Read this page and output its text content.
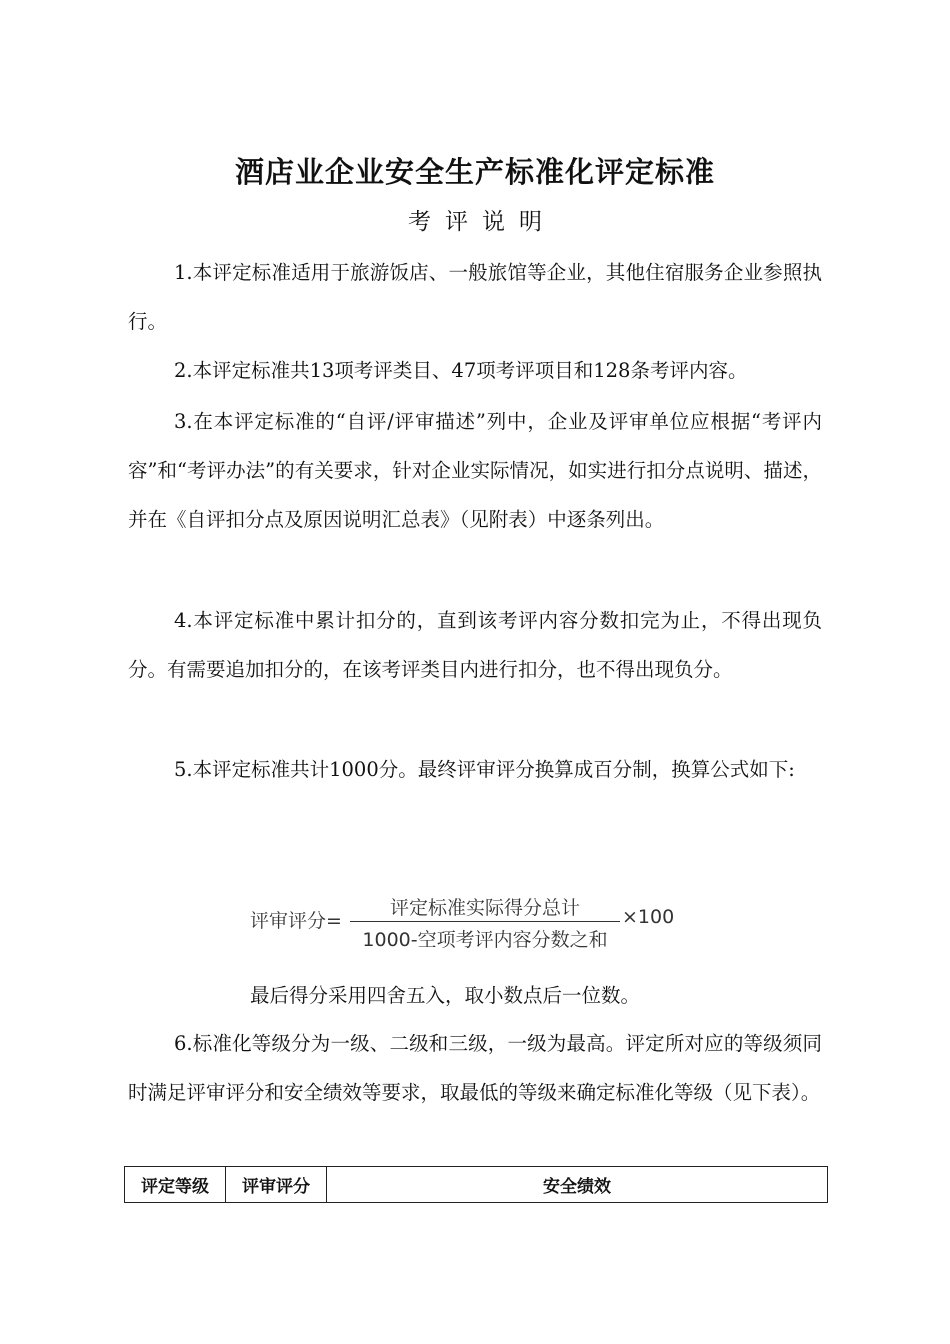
酒店业企业安全生产标准化评定标准
考评说明
1.本评定标准适用于旅游饭店、一般旅馆等企业，其他住宿服务企业参照执行。
2.本评定标准共13项考评类目、47项考评项目和128条考评内容。
3.在本评定标准的“自评/评审描述”列中，企业及评审单位应根据“考评内容”和“考评办法”的有关要求，针对企业实际情况，如实进行扣分点说明、描述，并在《自评扣分点及原因说明汇总表》（见附表）中逐条列出。
4.本评定标准中累计扣分的，直到该考评内容分数扣完为止，不得出现负分。有需要追加扣分的，在该考评类目内进行扣分，也不得出现负分。
5.本评定标准共计1000分。最终评审评分换算成百分制，换算公式如下:
评审评分=
评定标准实际得分总计
1000-空项考评内容分数之和
×100
最后得分采用四舍五入，取小数点后一位数。
6.标准化等级分为一级、二级和三级，一级为最高。评定所对应的等级须同时满足评审评分和安全绩效等要求，取最低的等级来确定标准化等级（见下表）。
评定等级	评审评分	安全绩效
